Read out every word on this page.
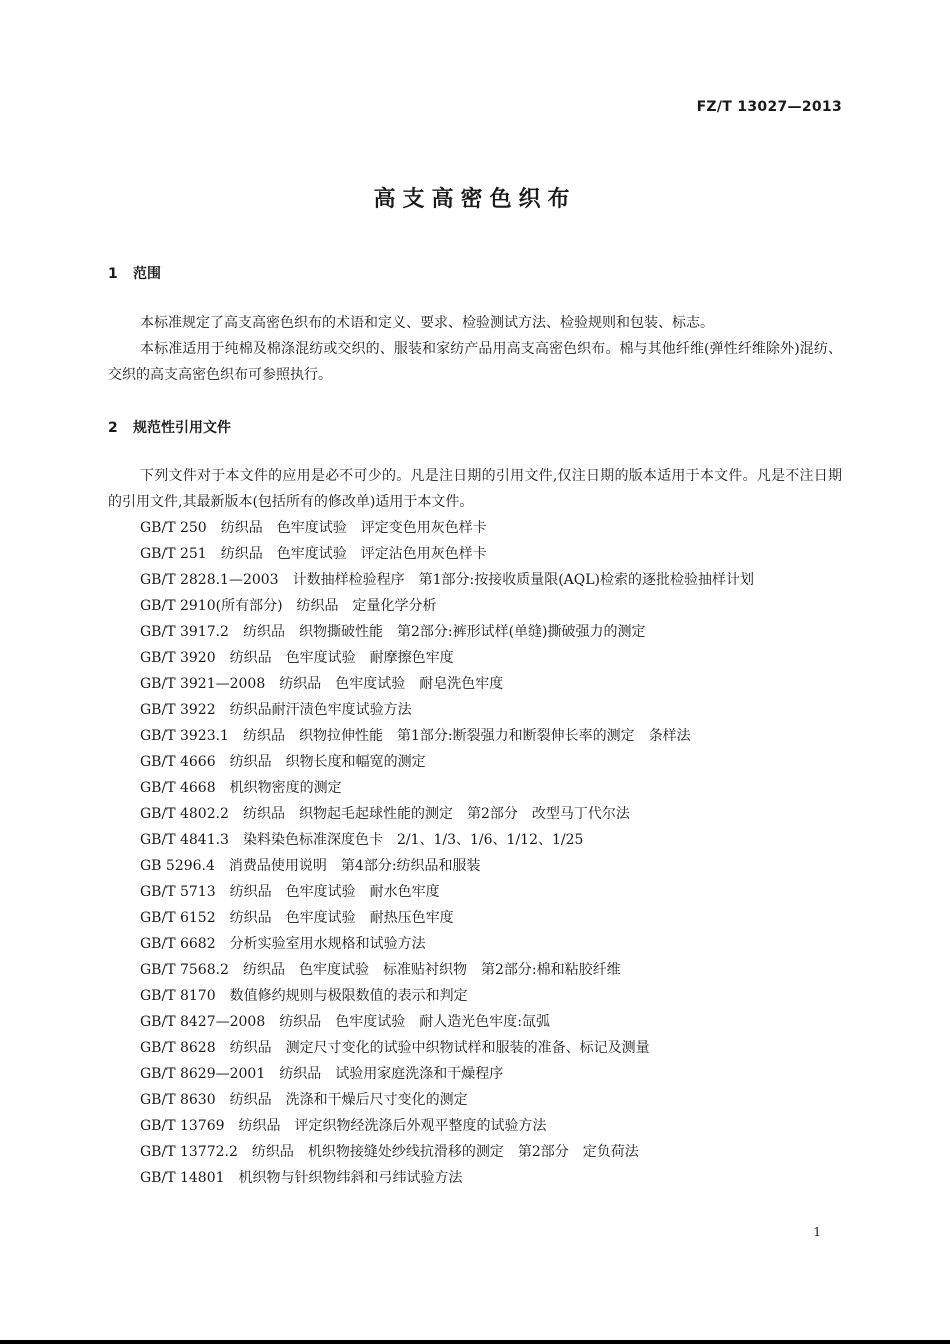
FZ/T 13027—2013
高支高密色织布
1 范围

本标准规定了高支高密色织布的术语和定义、要求、检验测试方法、检验规则和包装、标志。

本标准适用于纯棉及棉涤混纺或交织的、服装和家纺产品用高支高密色织布。棉与其他纤维(弹性纤维除外)混纺、交织的高支高密色织布可参照执行。

2 规范性引用文件

下列文件对于本文件的应用是必不可少的。凡是注日期的引用文件,仅注日期的版本适用于本文件。凡是不注日期的引用文件,其最新版本(包括所有的修改单)适用于本文件。

GB/T 250　纺织品　色牢度试验　评定变色用灰色样卡
GB/T 251　纺织品　色牢度试验　评定沾色用灰色样卡
GB/T 2828.1—2003　计数抽样检验程序　第1部分:按接收质量限(AQL)检索的逐批检验抽样计划
GB/T 2910(所有部分)　纺织品　定量化学分析
GB/T 3917.2　纺织品　织物撕破性能　第2部分:裤形试样(单缝)撕破强力的测定
GB/T 3920　纺织品　色牢度试验　耐摩擦色牢度
GB/T 3921—2008　纺织品　色牢度试验　耐皂洗色牢度
GB/T 3922　纺织品耐汗渍色牢度试验方法
GB/T 3923.1　纺织品　织物拉伸性能　第1部分:断裂强力和断裂伸长率的测定　条样法
GB/T 4666　纺织品　织物长度和幅宽的测定
GB/T 4668　机织物密度的测定
GB/T 4802.2　纺织品　织物起毛起球性能的测定　第2部分　改型马丁代尔法
GB/T 4841.3　染料染色标准深度色卡　2/1、1/3、1/6、1/12、1/25
GB 5296.4　消费品使用说明　第4部分:纺织品和服装
GB/T 5713　纺织品　色牢度试验　耐水色牢度
GB/T 6152　纺织品　色牢度试验　耐热压色牢度
GB/T 6682　分析实验室用水规格和试验方法
GB/T 7568.2　纺织品　色牢度试验　标准贴衬织物　第2部分:棉和粘胶纤维
GB/T 8170　数值修约规则与极限数值的表示和判定
GB/T 8427—2008　纺织品　色牢度试验　耐人造光色牢度:氙弧
GB/T 8628　纺织品　测定尺寸变化的试验中织物试样和服装的准备、标记及测量
GB/T 8629—2001　纺织品　试验用家庭洗涤和干燥程序
GB/T 8630　纺织品　洗涤和干燥后尺寸变化的测定
GB/T 13769　纺织品　评定织物经洗涤后外观平整度的试验方法
GB/T 13772.2　纺织品　机织物接缝处纱线抗滑移的测定　第2部分　定负荷法
GB/T 14801　机织物与针织物纬斜和弓纬试验方法
1
